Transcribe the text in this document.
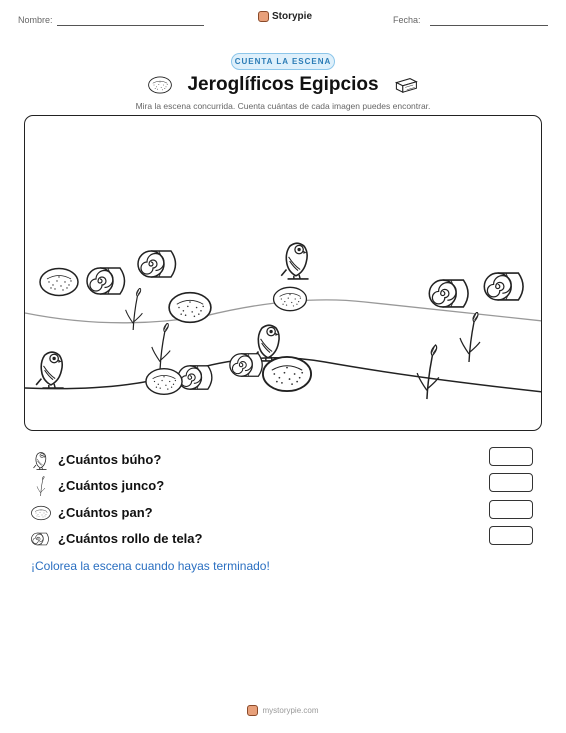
Nombre:	Storypie	Fecha:
CUENTA LA ESCENA
Jeroglíficos Egipcios
Mira la escena concurrida. Cuenta cuántas de cada imagen puedes encontrar.
¿Cuántos búho?
¿Cuántos junco?
¿Cuántos pan?
¿Cuántos rollo de tela?
¡Colorea la escena cuando hayas terminado!
mystorypie.com
